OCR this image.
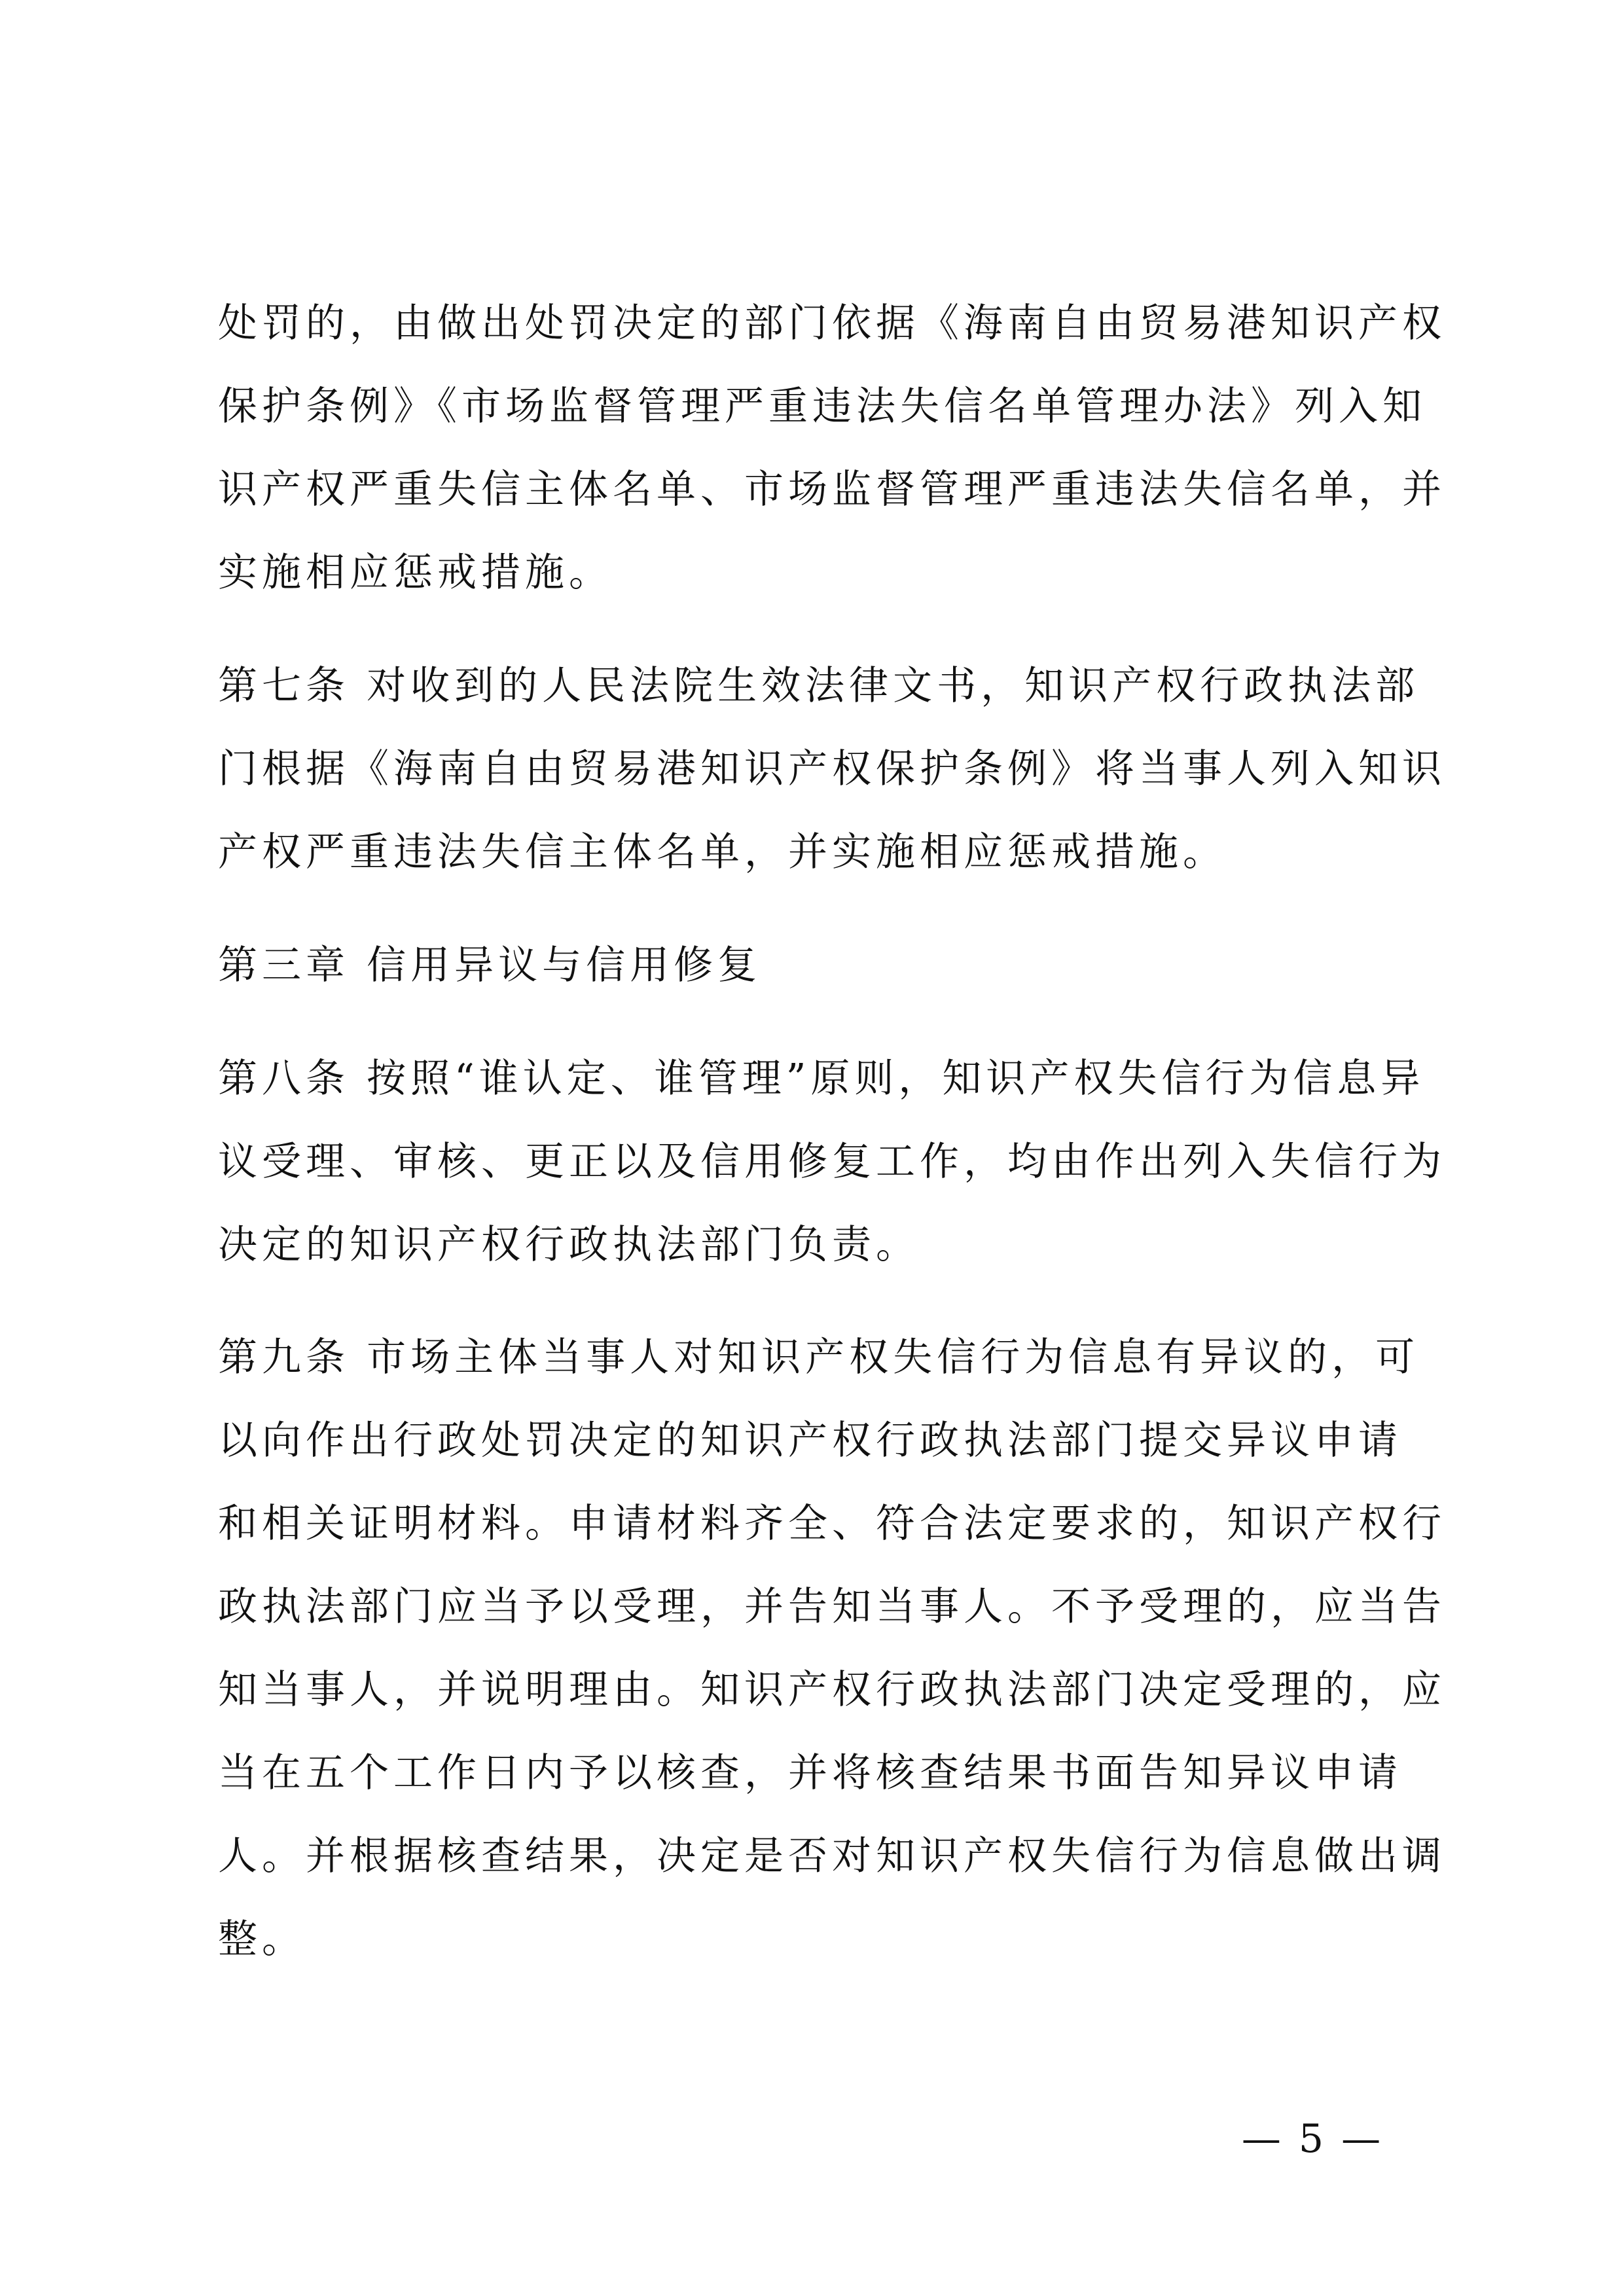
处罚的，由做出处罚决定的部门依据《海南自由贸易港知识产权
保护条例》《市场监督管理严重违法失信名单管理办法》列入知
识产权严重失信主体名单、市场监督管理严重违法失信名单，并
实施相应惩戒措施。
第七条 对收到的人民法院生效法律文书，知识产权行政执法部
门根据《海南自由贸易港知识产权保护条例》将当事人列入知识
产权严重违法失信主体名单，并实施相应惩戒措施。
第三章 信用异议与信用修复
第八条 按照“谁认定、谁管理”原则，知识产权失信行为信息异
议受理、审核、更正以及信用修复工作，均由作出列入失信行为
决定的知识产权行政执法部门负责。
第九条 市场主体当事人对知识产权失信行为信息有异议的，可
以向作出行政处罚决定的知识产权行政执法部门提交异议申请
和相关证明材料。申请材料齐全、符合法定要求的，知识产权行
政执法部门应当予以受理，并告知当事人。不予受理的，应当告
知当事人，并说明理由。知识产权行政执法部门决定受理的，应
当在五个工作日内予以核查，并将核查结果书面告知异议申请
人。并根据核查结果，决定是否对知识产权失信行为信息做出调
整。
— 5 —
